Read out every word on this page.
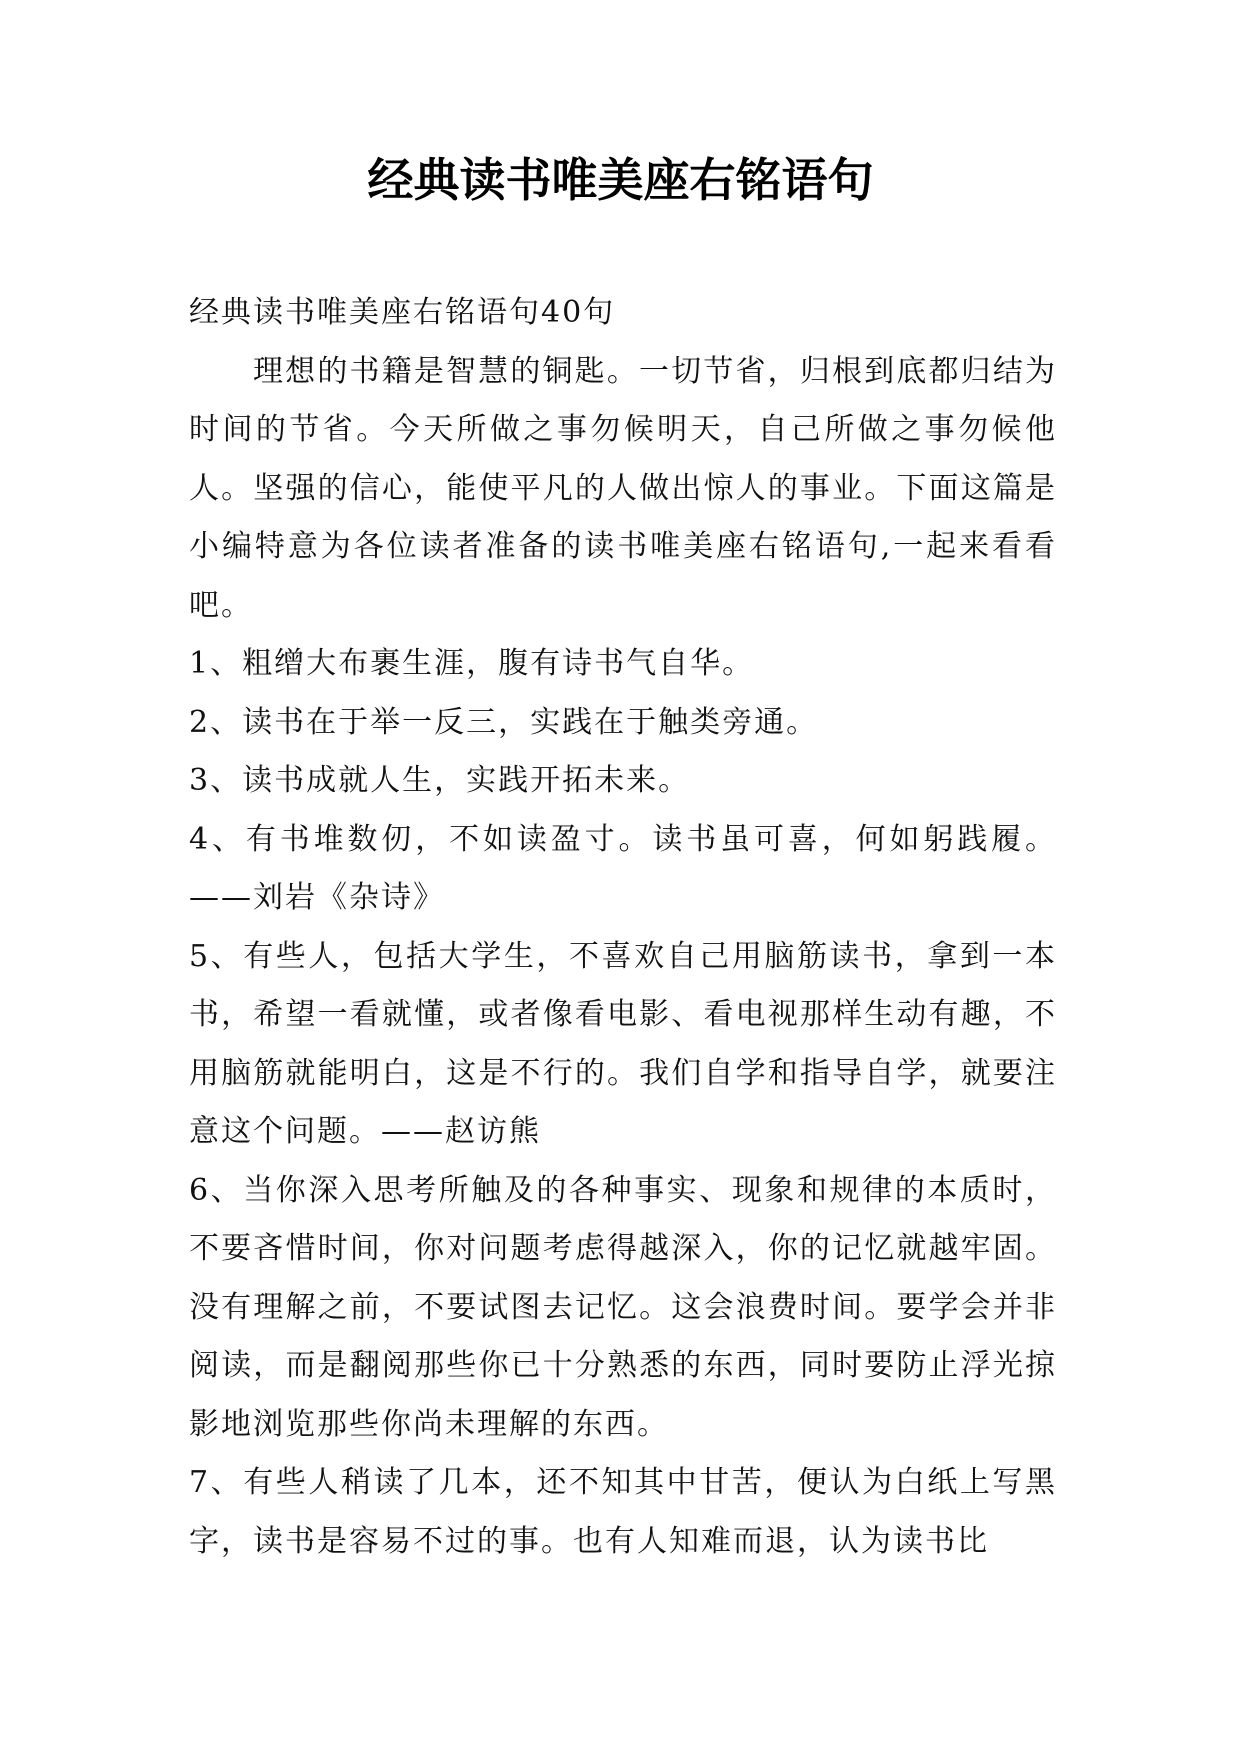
经典读书唯美座右铭语句

经典读书唯美座右铭语句40句

理想的书籍是智慧的铜匙。一切节省，归根到底都归结为时间的节省。今天所做之事勿候明天，自己所做之事勿候他人。坚强的信心，能使平凡的人做出惊人的事业。下面这篇是小编特意为各位读者准备的读书唯美座右铭语句,一起来看看吧。

1、粗缯大布裹生涯，腹有诗书气自华。

2、读书在于举一反三，实践在于触类旁通。

3、读书成就人生，实践开拓未来。

4、有书堆数仞，不如读盈寸。读书虽可喜，何如躬践履。——刘岩《杂诗》

5、有些人，包括大学生，不喜欢自己用脑筋读书，拿到一本书，希望一看就懂，或者像看电影、看电视那样生动有趣，不用脑筋就能明白，这是不行的。我们自学和指导自学，就要注意这个问题。——赵访熊

6、当你深入思考所触及的各种事实、现象和规律的本质时，不要吝惜时间，你对问题考虑得越深入，你的记忆就越牢固。没有理解之前，不要试图去记忆。这会浪费时间。要学会并非阅读，而是翻阅那些你已十分熟悉的东西，同时要防止浮光掠影地浏览那些你尚未理解的东西。

7、有些人稍读了几本，还不知其中甘苦，便认为白纸上写黑字，读书是容易不过的事。也有人知难而退，认为读书比
